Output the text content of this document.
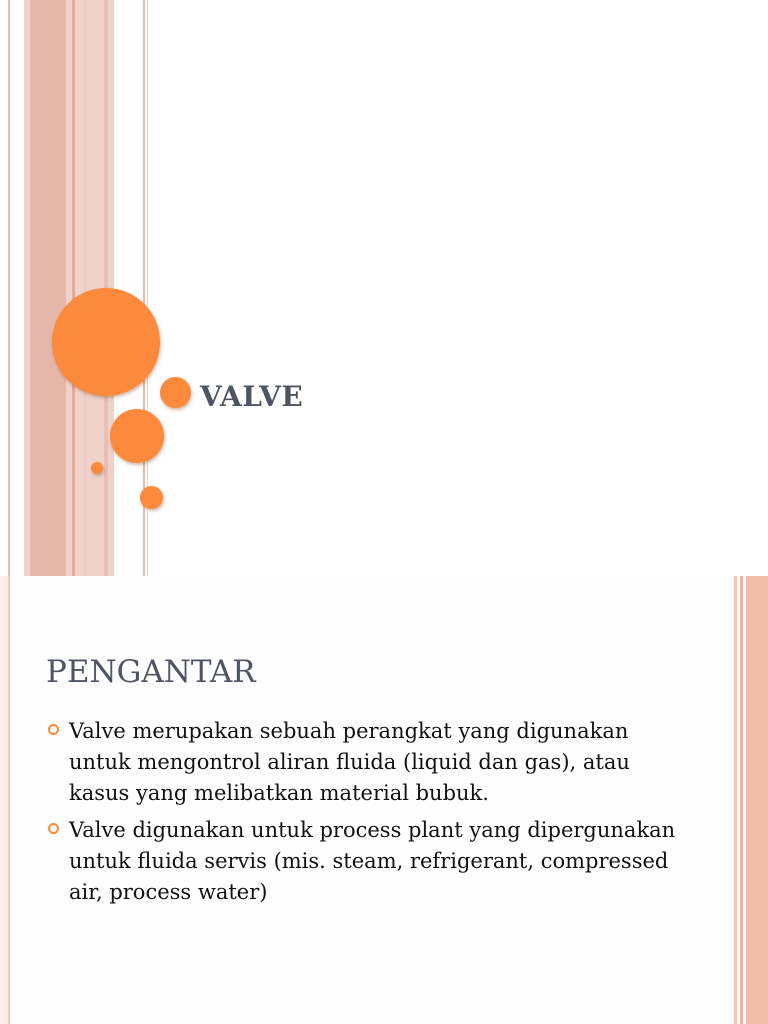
VALVE
PENGANTAR
Valve merupakan sebuah perangkat yang digunakan untuk mengontrol aliran fluida (liquid dan gas), atau kasus yang melibatkan material bubuk.
Valve digunakan untuk process plant yang dipergunakan untuk fluida servis (mis. steam, refrigerant, compressed air, process water)
